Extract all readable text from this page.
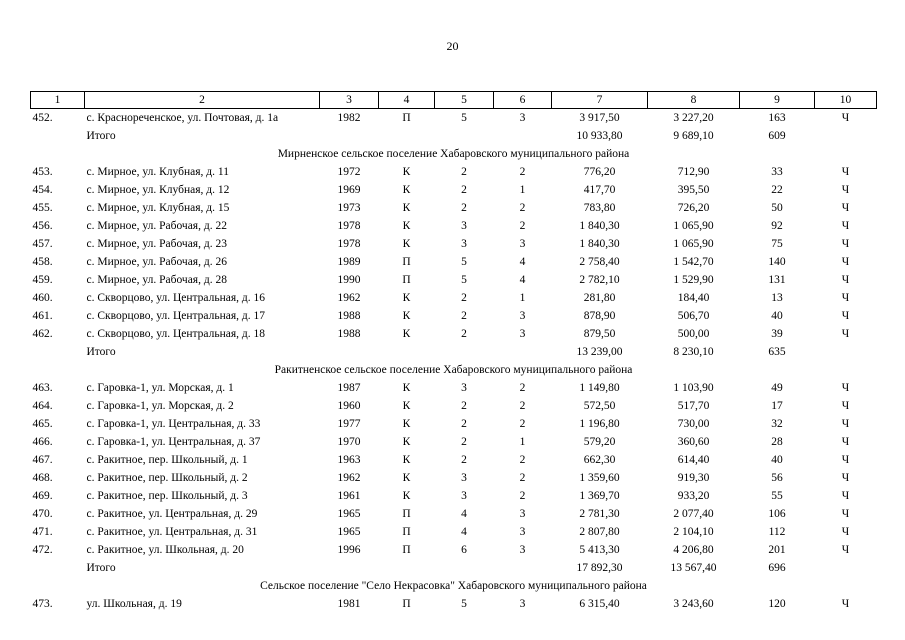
20
1	2	3	4	5	6	7	8	9	10
452.	с. Краснореченское, ул. Почтовая, д. 1а	1982	П	5	3	3 917,50	3 227,20	163	Ч
	Итого					10 933,80	9 689,10	609	
Мирненское сельское поселение Хабаровского муниципального района									
453.	с. Мирное, ул. Клубная, д. 11	1972	К	2	2	776,20	712,90	33	Ч
454.	с. Мирное, ул. Клубная, д. 12	1969	К	2	1	417,70	395,50	22	Ч
455.	с. Мирное, ул. Клубная, д. 15	1973	К	2	2	783,80	726,20	50	Ч
456.	с. Мирное, ул. Рабочая, д. 22	1978	К	3	2	1 840,30	1 065,90	92	Ч
457.	с. Мирное, ул. Рабочая, д. 23	1978	К	3	3	1 840,30	1 065,90	75	Ч
458.	с. Мирное, ул. Рабочая, д. 26	1989	П	5	4	2 758,40	1 542,70	140	Ч
459.	с. Мирное, ул. Рабочая, д. 28	1990	П	5	4	2 782,10	1 529,90	131	Ч
460.	с. Скворцово, ул. Центральная, д. 16	1962	К	2	1	281,80	184,40	13	Ч
461.	с. Скворцово, ул. Центральная, д. 17	1988	К	2	3	878,90	506,70	40	Ч
462.	с. Скворцово, ул. Центральная, д. 18	1988	К	2	3	879,50	500,00	39	Ч
	Итого					13 239,00	8 230,10	635	
Ракитненское сельское поселение Хабаровского муниципального района									
463.	с. Гаровка-1, ул. Морская, д. 1	1987	К	3	2	1 149,80	1 103,90	49	Ч
464.	с. Гаровка-1, ул. Морская, д. 2	1960	К	2	2	572,50	517,70	17	Ч
465.	с. Гаровка-1, ул. Центральная, д. 33	1977	К	2	2	1 196,80	730,00	32	Ч
466.	с. Гаровка-1, ул. Центральная, д. 37	1970	К	2	1	579,20	360,60	28	Ч
467.	с. Ракитное, пер. Школьный, д. 1	1963	К	2	2	662,30	614,40	40	Ч
468.	с. Ракитное, пер. Школьный, д. 2	1962	К	3	2	1 359,60	919,30	56	Ч
469.	с. Ракитное, пер. Школьный, д. 3	1961	К	3	2	1 369,70	933,20	55	Ч
470.	с. Ракитное, ул. Центральная, д. 29	1965	П	4	3	2 781,30	2 077,40	106	Ч
471.	с. Ракитное, ул. Центральная, д. 31	1965	П	4	3	2 807,80	2 104,10	112	Ч
472.	с. Ракитное, ул. Школьная, д. 20	1996	П	6	3	5 413,30	4 206,80	201	Ч
	Итого					17 892,30	13 567,40	696	
Сельское поселение "Село Некрасовка" Хабаровского муниципального района									
473.	ул. Школьная, д. 19	1981	П	5	3	6 315,40	3 243,60	120	Ч
